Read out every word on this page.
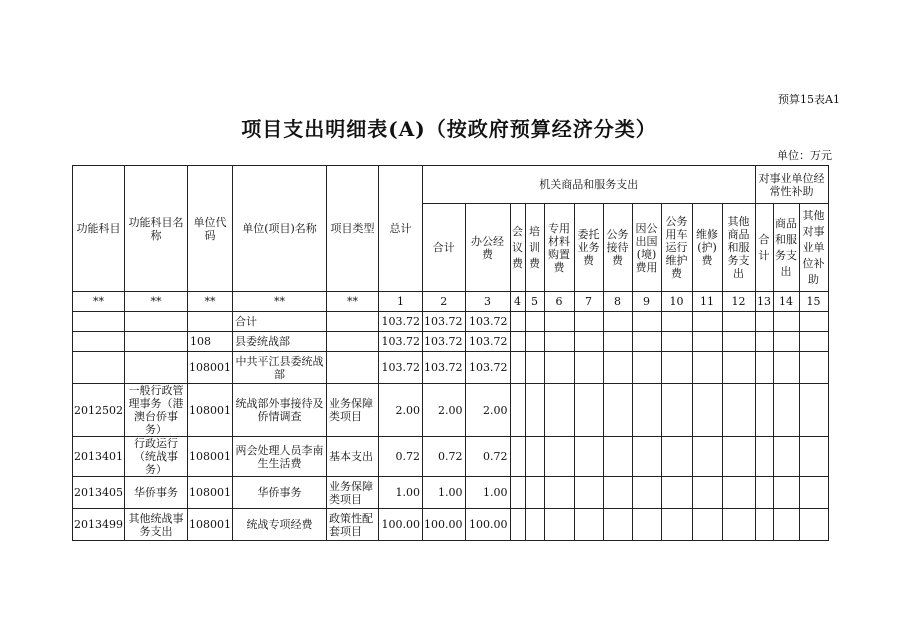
预算15表A1
项目支出明细表(A)（按政府预算经济分类）
单位：万元
功能科目	功能科目名称	单位代码	单位(项目)名称	项目类型	总计	机关商品和服务支出											对事业单位经常性补助		
						合计	办公经费	会议费	培训费	专用材料购置费	委托业务费	公务接待费	因公出国(境)费用	公务用车运行维护费	维修(护)费	其他商品和服务支出	合计	商品和服务支出	其他对事业单位补助
**	**	**	**	**	1	2	3	4	5	6	7	8	9	10	11	12	13	14	15
			合计		103.72	103.72	103.72												
		108	县委统战部		103.72	103.72	103.72												
		108001	中共平江县委统战部		103.72	103.72	103.72												
2012502	一般行政管理事务（港澳台侨事务）	108001	统战部外事接待及侨情调查	业务保障类项目	2.00	2.00	2.00												
2013401	行政运行（统战事务）	108001	两会处理人员李南生生活费	基本支出	0.72	0.72	0.72												
2013405	华侨事务	108001	华侨事务	业务保障类项目	1.00	1.00	1.00												
2013499	其他统战事务支出	108001	统战专项经费	政策性配套项目	100.00	100.00	100.00												
